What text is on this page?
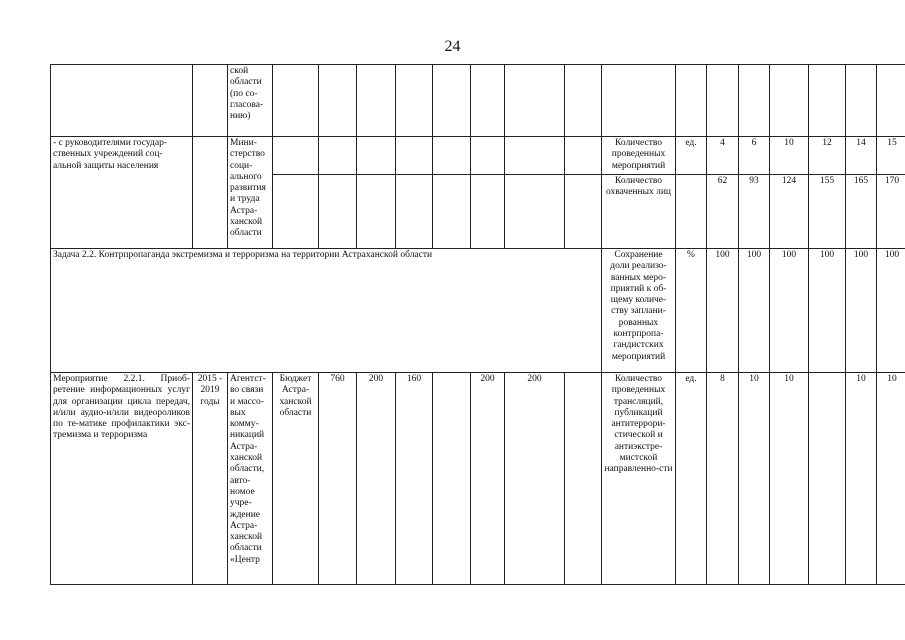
24
		ской области (по со-гласова-нию)																
- с руководителями государ-ственных учреждений соц-альной защиты населения		Мини-стерство соци-ального развития и труда Астра-ханской области									Количество проведенных мероприятий	ед.	4	6	10	12	14	15
											Количество охваченных лиц		62	93	124	155	165	170
Задача 2.2. Контрпропаганда экстремизма и терроризма на территории Астраханской области											Сохранение доли реализо-ванных меро-приятий к об-щему количе-ству заплани-рованных контрпропа-гандистских мероприятий	%	100	100	100	100	100	100
Мероприятие 2.2.1. Приоб-ретение информационных услуг для организации цикла передач, и/или аудио-и/или видеороликов по те-матике профилактики экс-тремизма и терроризма	2015 - 2019 годы	Агентст-во связи и массо-вых комму-никаций Астра-ханской области, авто-номое учре-ждение Астра-ханской области «Центр	Бюджет Астра-ханской области	760	200	160		200	200		Количество проведенных трансляций, публикаций антитеррори-стической и антиэкстре-мистской направленно-сти	ед.	8	10	10		10	10
